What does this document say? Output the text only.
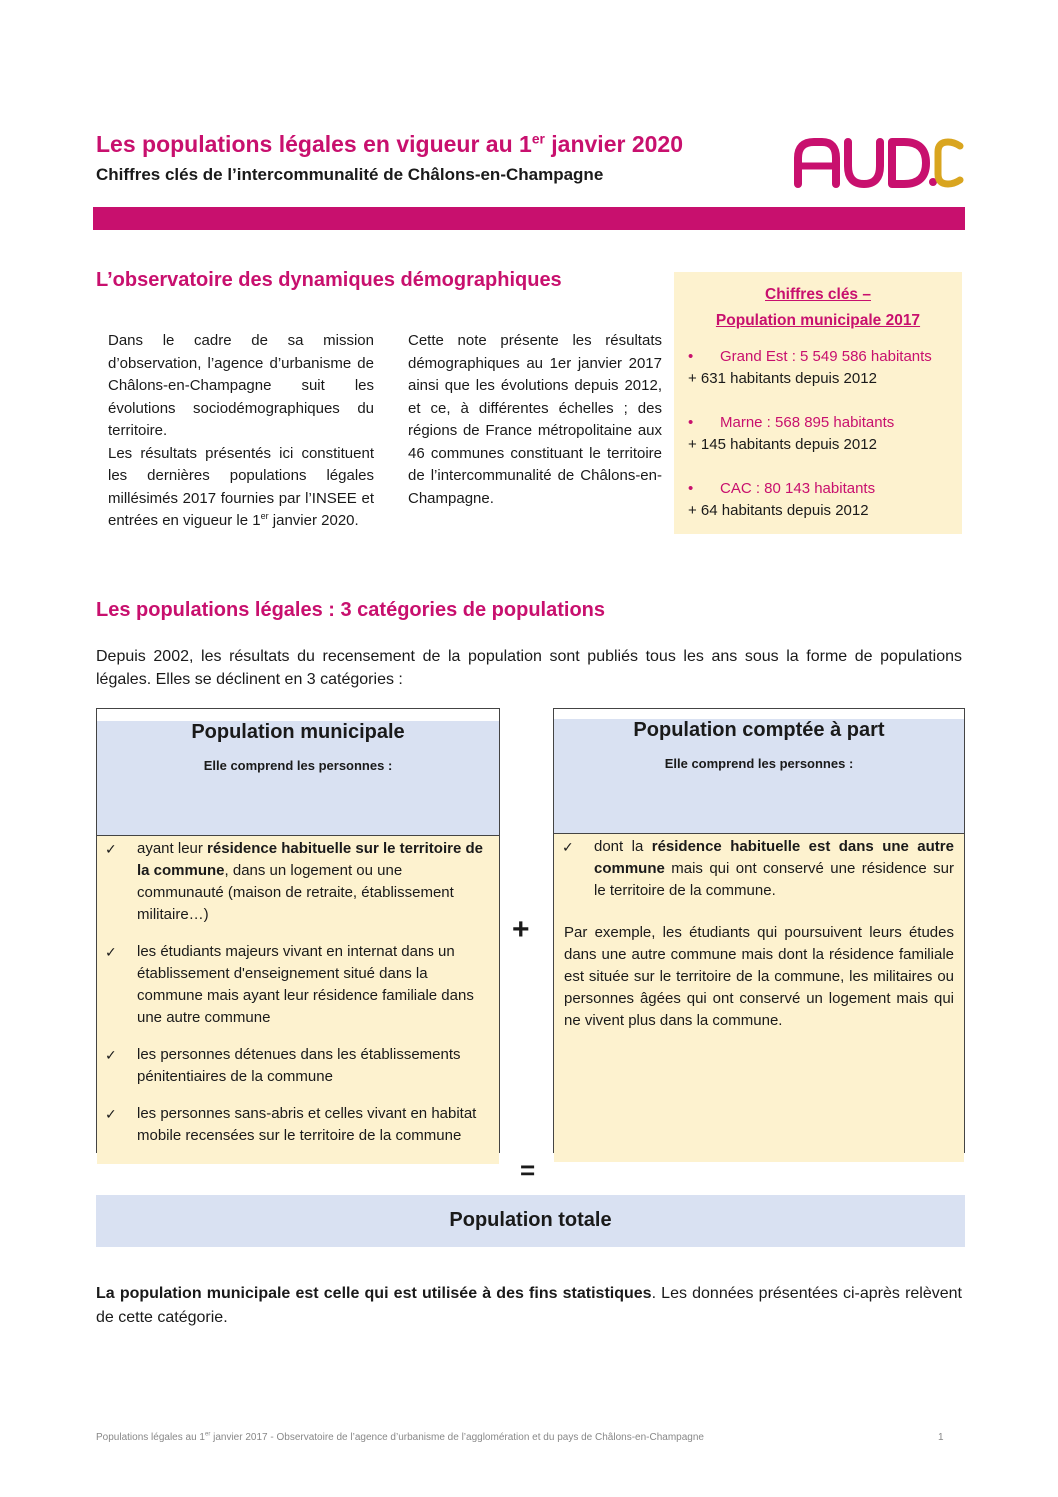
Les populations légales en vigueur au 1er janvier 2020
Chiffres clés de l’intercommunalité de Châlons-en-Champagne
L’observatoire des dynamiques démographiques
Dans le cadre de sa mission d’observation, l’agence d’urbanisme de Châlons-en-Champagne suit les évolutions sociodémographiques du territoire.
Les résultats présentés ici constituent les dernières populations légales millésimés 2017 fournies par l’INSEE et entrées en vigueur le 1er janvier 2020.
Cette note présente les résultats démographiques au 1er janvier 2017 ainsi que les évolutions depuis 2012, et ce, à différentes échelles ; des régions de France métropolitaine aux 46 communes constituant le territoire de l’intercommunalité de Châlons-en-Champagne.
Chiffres clés –
Population municipale 2017
• Grand Est : 5 549 586 habitants
+ 631 habitants depuis 2012
• Marne : 568 895 habitants
+ 145 habitants depuis 2012
• CAC : 80 143 habitants
+ 64 habitants depuis 2012
Les populations légales : 3 catégories de populations
Depuis 2002, les résultats du recensement de la population sont publiés tous les ans sous la forme de populations légales. Elles se déclinent en 3 catégories :
Population municipale
Elle comprend les personnes :
✓	ayant leur résidence habituelle sur le territoire de la commune, dans un logement ou une communauté (maison de retraite, établissement militaire…)
✓	les étudiants majeurs vivant en internat dans un établissement d'enseignement situé dans la commune mais ayant leur résidence familiale dans une autre commune
✓	les personnes détenues dans les établissements pénitentiaires de la commune
✓	les personnes sans-abris et celles vivant en habitat mobile recensées sur le territoire de la commune
+
Population comptée à part
Elle comprend les personnes :
✓	dont la résidence habituelle est dans une autre commune mais qui ont conservé une résidence sur le territoire de la commune.
Par exemple, les étudiants qui poursuivent leurs études dans une autre commune mais dont la résidence familiale est située sur le territoire de la commune, les militaires ou personnes âgées qui ont conservé un logement mais qui ne vivent plus dans la commune.
=
Population totale
La population municipale est celle qui est utilisée à des fins statistiques. Les données présentées ci-après relèvent de cette catégorie.
Populations légales au 1er janvier 2017 - Observatoire de l’agence d’urbanisme de l’agglomération et du pays de Châlons-en-Champagne	1
